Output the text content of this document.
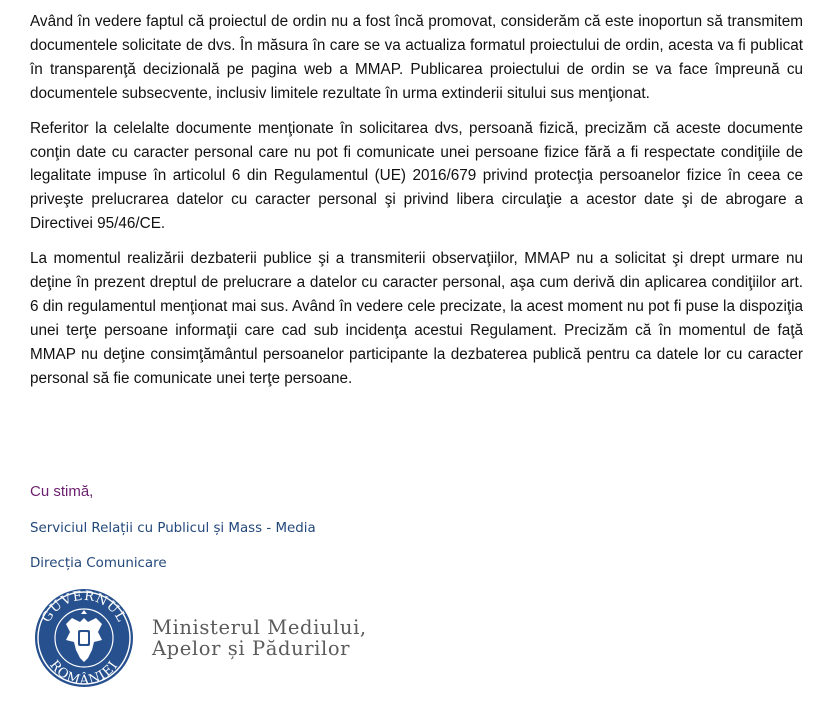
Având în vedere faptul că proiectul de ordin nu a fost încă promovat, considerăm că este inoportun să transmitem documentele solicitate de dvs. În măsura în care se va actualiza formatul proiectului de ordin, acesta va fi publicat în transparenţă decizională pe pagina web a MMAP. Publicarea proiectului de ordin se va face împreună cu documentele subsecvente, inclusiv limitele rezultate în urma extinderii sitului sus menţionat.

Referitor la celelalte documente menţionate în solicitarea dvs, persoană fizică, precizăm că aceste documente conţin date cu caracter personal care nu pot fi comunicate unei persoane fizice fără a fi respectate condiţiile de legalitate impuse în articolul 6 din Regulamentul (UE) 2016/679 privind protecţia persoanelor fizice în ceea ce priveşte prelucrarea datelor cu caracter personal şi privind libera circulaţie a acestor date şi de abrogare a Directivei 95/46/CE.

La momentul realizării dezbaterii publice şi a transmiterii observaţiilor, MMAP nu a solicitat şi drept urmare nu deţine în prezent dreptul de prelucrare a datelor cu caracter personal, aşa cum derivă din aplicarea condiţiilor art. 6 din regulamentul menţionat mai sus. Având în vedere cele precizate, la acest moment nu pot fi puse la dispoziţia unei terţe persoane informaţii care cad sub incidenţa acestui Regulament. Precizăm că în momentul de faţă MMAP nu deţine consimţământul persoanelor participante la dezbaterea publică pentru ca datele lor cu caracter personal să fie comunicate unei terţe persoane.

Cu stimă,
Serviciul Relații cu Publicul și Mass - Media
Direcția Comunicare
GUVERNUL
ROMÂNIEI
Ministerul Mediului,
Apelor și Pădurilor
